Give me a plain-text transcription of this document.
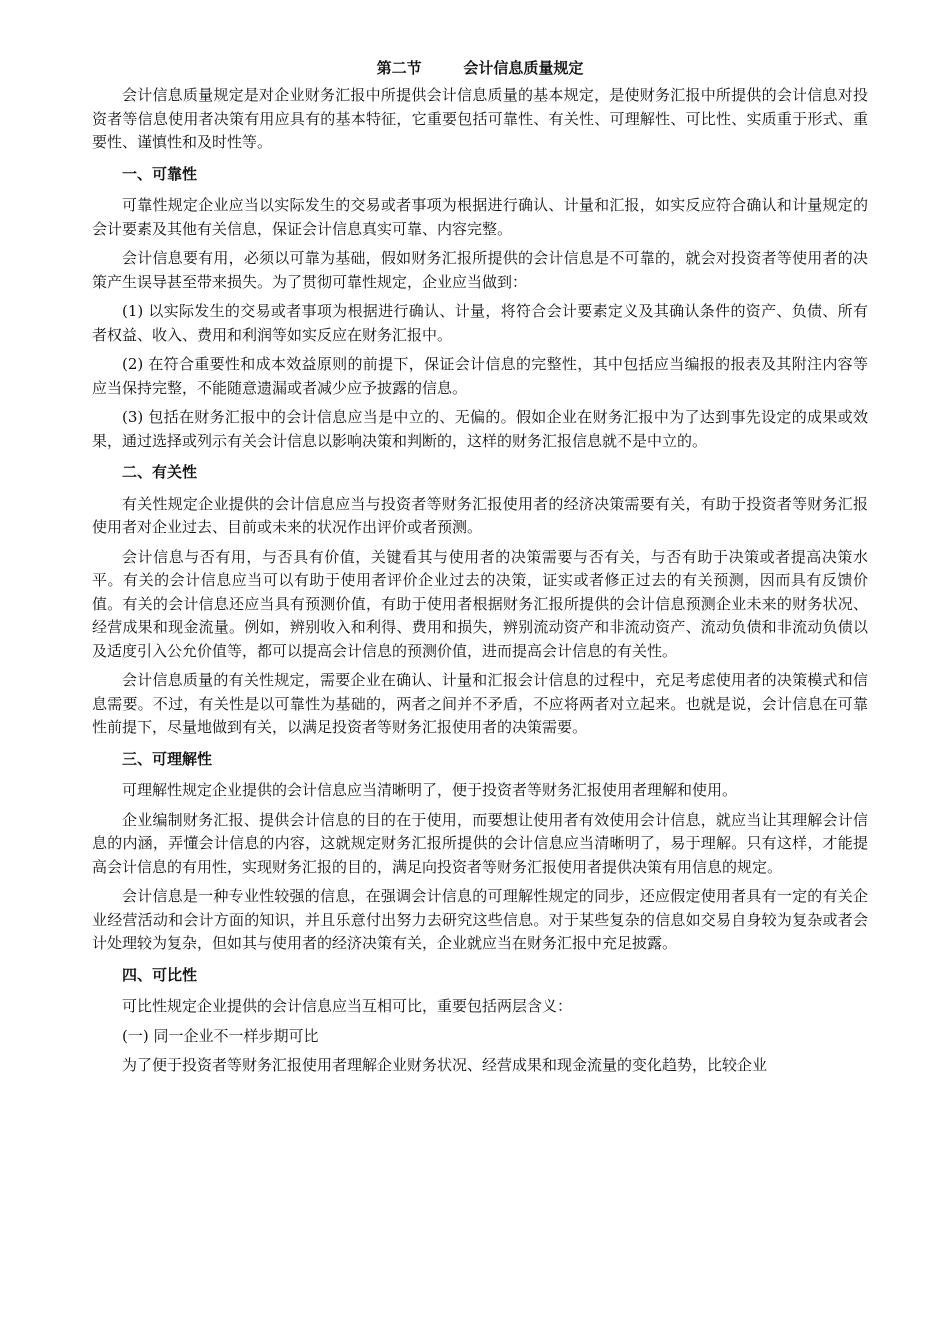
第二节        会计信息质量规定

会计信息质量规定是对企业财务汇报中所提供会计信息质量的基本规定，是使财务汇报中所提供的会计信息对投资者等信息使用者决策有用应具有的基本特征，它重要包括可靠性、有关性、可理解性、可比性、实质重于形式、重要性、谨慎性和及时性等。

一、可靠性

可靠性规定企业应当以实际发生的交易或者事项为根据进行确认、计量和汇报，如实反应符合确认和计量规定的会计要素及其他有关信息，保证会计信息真实可靠、内容完整。

会计信息要有用，必须以可靠为基础，假如财务汇报所提供的会计信息是不可靠的，就会对投资者等使用者的决策产生误导甚至带来损失。为了贯彻可靠性规定，企业应当做到：

(1) 以实际发生的交易或者事项为根据进行确认、计量，将符合会计要素定义及其确认条件的资产、负债、所有者权益、收入、费用和利润等如实反应在财务汇报中。

(2) 在符合重要性和成本效益原则的前提下，保证会计信息的完整性，其中包括应当编报的报表及其附注内容等应当保持完整，不能随意遗漏或者减少应予披露的信息。

(3) 包括在财务汇报中的会计信息应当是中立的、无偏的。假如企业在财务汇报中为了达到事先设定的成果或效果，通过选择或列示有关会计信息以影响决策和判断的，这样的财务汇报信息就不是中立的。

二、有关性

有关性规定企业提供的会计信息应当与投资者等财务汇报使用者的经济决策需要有关，有助于投资者等财务汇报使用者对企业过去、目前或未来的状况作出评价或者预测。

会计信息与否有用，与否具有价值，关键看其与使用者的决策需要与否有关，与否有助于决策或者提高决策水平。有关的会计信息应当可以有助于使用者评价企业过去的决策，证实或者修正过去的有关预测，因而具有反馈价值。有关的会计信息还应当具有预测价值，有助于使用者根据财务汇报所提供的会计信息预测企业未来的财务状况、经营成果和现金流量。例如，辨别收入和利得、费用和损失，辨别流动资产和非流动资产、流动负债和非流动负债以及适度引入公允价值等，都可以提高会计信息的预测价值，进而提高会计信息的有关性。

会计信息质量的有关性规定，需要企业在确认、计量和汇报会计信息的过程中，充足考虑使用者的决策模式和信息需要。不过，有关性是以可靠性为基础的，两者之间并不矛盾，不应将两者对立起来。也就是说，会计信息在可靠性前提下，尽量地做到有关，以满足投资者等财务汇报使用者的决策需要。

三、可理解性

可理解性规定企业提供的会计信息应当清晰明了，便于投资者等财务汇报使用者理解和使用。

企业编制财务汇报、提供会计信息的目的在于使用，而要想让使用者有效使用会计信息，就应当让其理解会计信息的内涵，弄懂会计信息的内容，这就规定财务汇报所提供的会计信息应当清晰明了，易于理解。只有这样，才能提高会计信息的有用性，实现财务汇报的目的，满足向投资者等财务汇报使用者提供决策有用信息的规定。

会计信息是一种专业性较强的信息，在强调会计信息的可理解性规定的同步，还应假定使用者具有一定的有关企业经营活动和会计方面的知识，并且乐意付出努力去研究这些信息。对于某些复杂的信息如交易自身较为复杂或者会计处理较为复杂，但如其与使用者的经济决策有关，企业就应当在财务汇报中充足披露。

四、可比性

可比性规定企业提供的会计信息应当互相可比，重要包括两层含义：

(一) 同一企业不一样步期可比

为了便于投资者等财务汇报使用者理解企业财务状况、经营成果和现金流量的变化趋势，比较企业
